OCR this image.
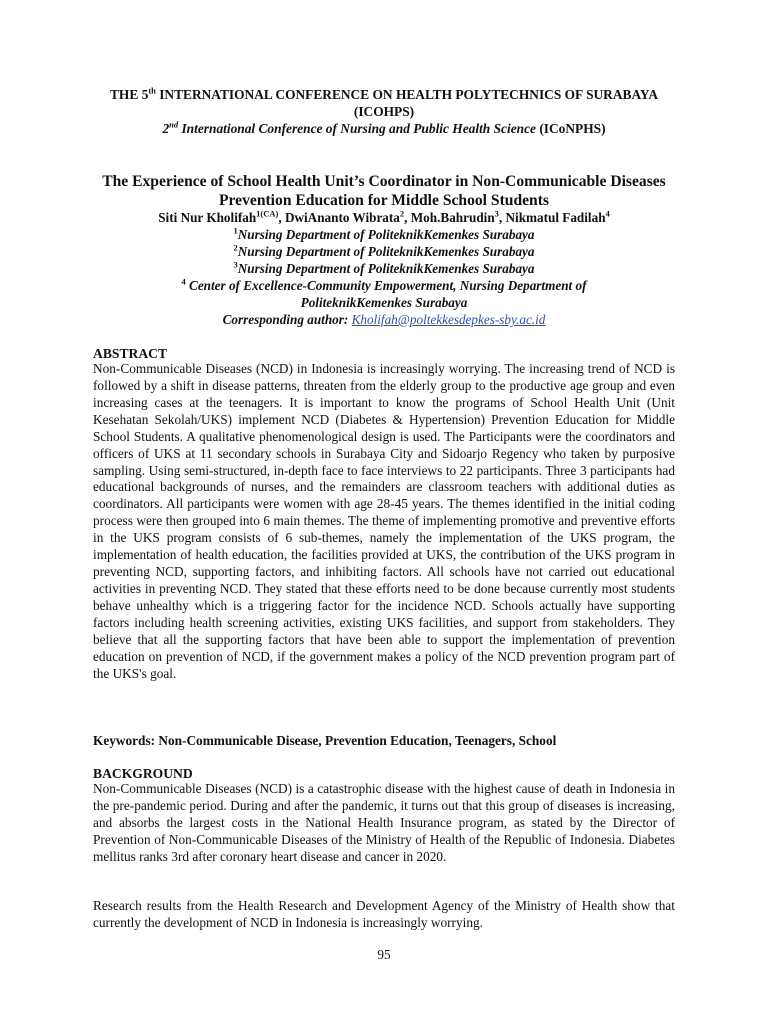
THE 5th INTERNATIONAL CONFERENCE ON HEALTH POLYTECHNICS OF SURABAYA (ICOHPS)
2nd International Conference of Nursing and Public Health Science (ICoNPHS)
The Experience of School Health Unit’s Coordinator in Non-Communicable Diseases Prevention Education for Middle School Students
Siti Nur Kholifah$^{1(CA)}$, DwiAnanto Wibrata$^2$, Moh.Bahrudin$^3$, Nikmatul Fadilah$^4$
$^1$Nursing Department of PoliteknikKemenkes Surabaya
$^2$Nursing Department of PoliteknikKemenkes Surabaya
$^3$Nursing Department of PoliteknikKemenkes Surabaya
$^4$ Center of Excellence-Community Empowerment, Nursing Department of PoliteknikKemenkes Surabaya
Corresponding author: Kholifah@poltekkesdepkes-sby.ac.id
ABSTRACT
Non-Communicable Diseases (NCD) in Indonesia is increasingly worrying. The increasing trend of NCD is followed by a shift in disease patterns, threaten from the elderly group to the productive age group and even increasing cases at the teenagers. It is important to know the programs of School Health Unit (Unit Kesehatan Sekolah/UKS) implement NCD (Diabetes & Hypertension) Prevention Education for Middle School Students. A qualitative phenomenological design is used. The Participants were the coordinators and officers of UKS at 11 secondary schools in Surabaya City and Sidoarjo Regency who taken by purposive sampling. Using semi-structured, in-depth face to face interviews to 22 participants. Three 3 participants had educational backgrounds of nurses, and the remainders are classroom teachers with additional duties as coordinators. All participants were women with age 28-45 years. The themes identified in the initial coding process were then grouped into 6 main themes. The theme of implementing promotive and preventive efforts in the UKS program consists of 6 sub-themes, namely the implementation of the UKS program, the implementation of health education, the facilities provided at UKS, the contribution of the UKS program in preventing NCD, supporting factors, and inhibiting factors. All schools have not carried out educational activities in preventing NCD. They stated that these efforts need to be done because currently most students behave unhealthy which is a triggering factor for the incidence NCD. Schools actually have supporting factors including health screening activities, existing UKS facilities, and support from stakeholders. They believe that all the supporting factors that have been able to support the implementation of prevention education on prevention of NCD, if the government makes a policy of the NCD prevention program part of the UKS's goal.
Keywords: Non-Communicable Disease, Prevention Education, Teenagers, School
BACKGROUND
Non-Communicable Diseases (NCD) is a catastrophic disease with the highest cause of death in Indonesia in the pre-pandemic period. During and after the pandemic, it turns out that this group of diseases is increasing, and absorbs the largest costs in the National Health Insurance program, as stated by the Director of Prevention of Non-Communicable Diseases of the Ministry of Health of the Republic of Indonesia. Diabetes mellitus ranks 3rd after coronary heart disease and cancer in 2020.
Research results from the Health Research and Development Agency of the Ministry of Health show that currently the development of NCD in Indonesia is increasingly worrying.
95
